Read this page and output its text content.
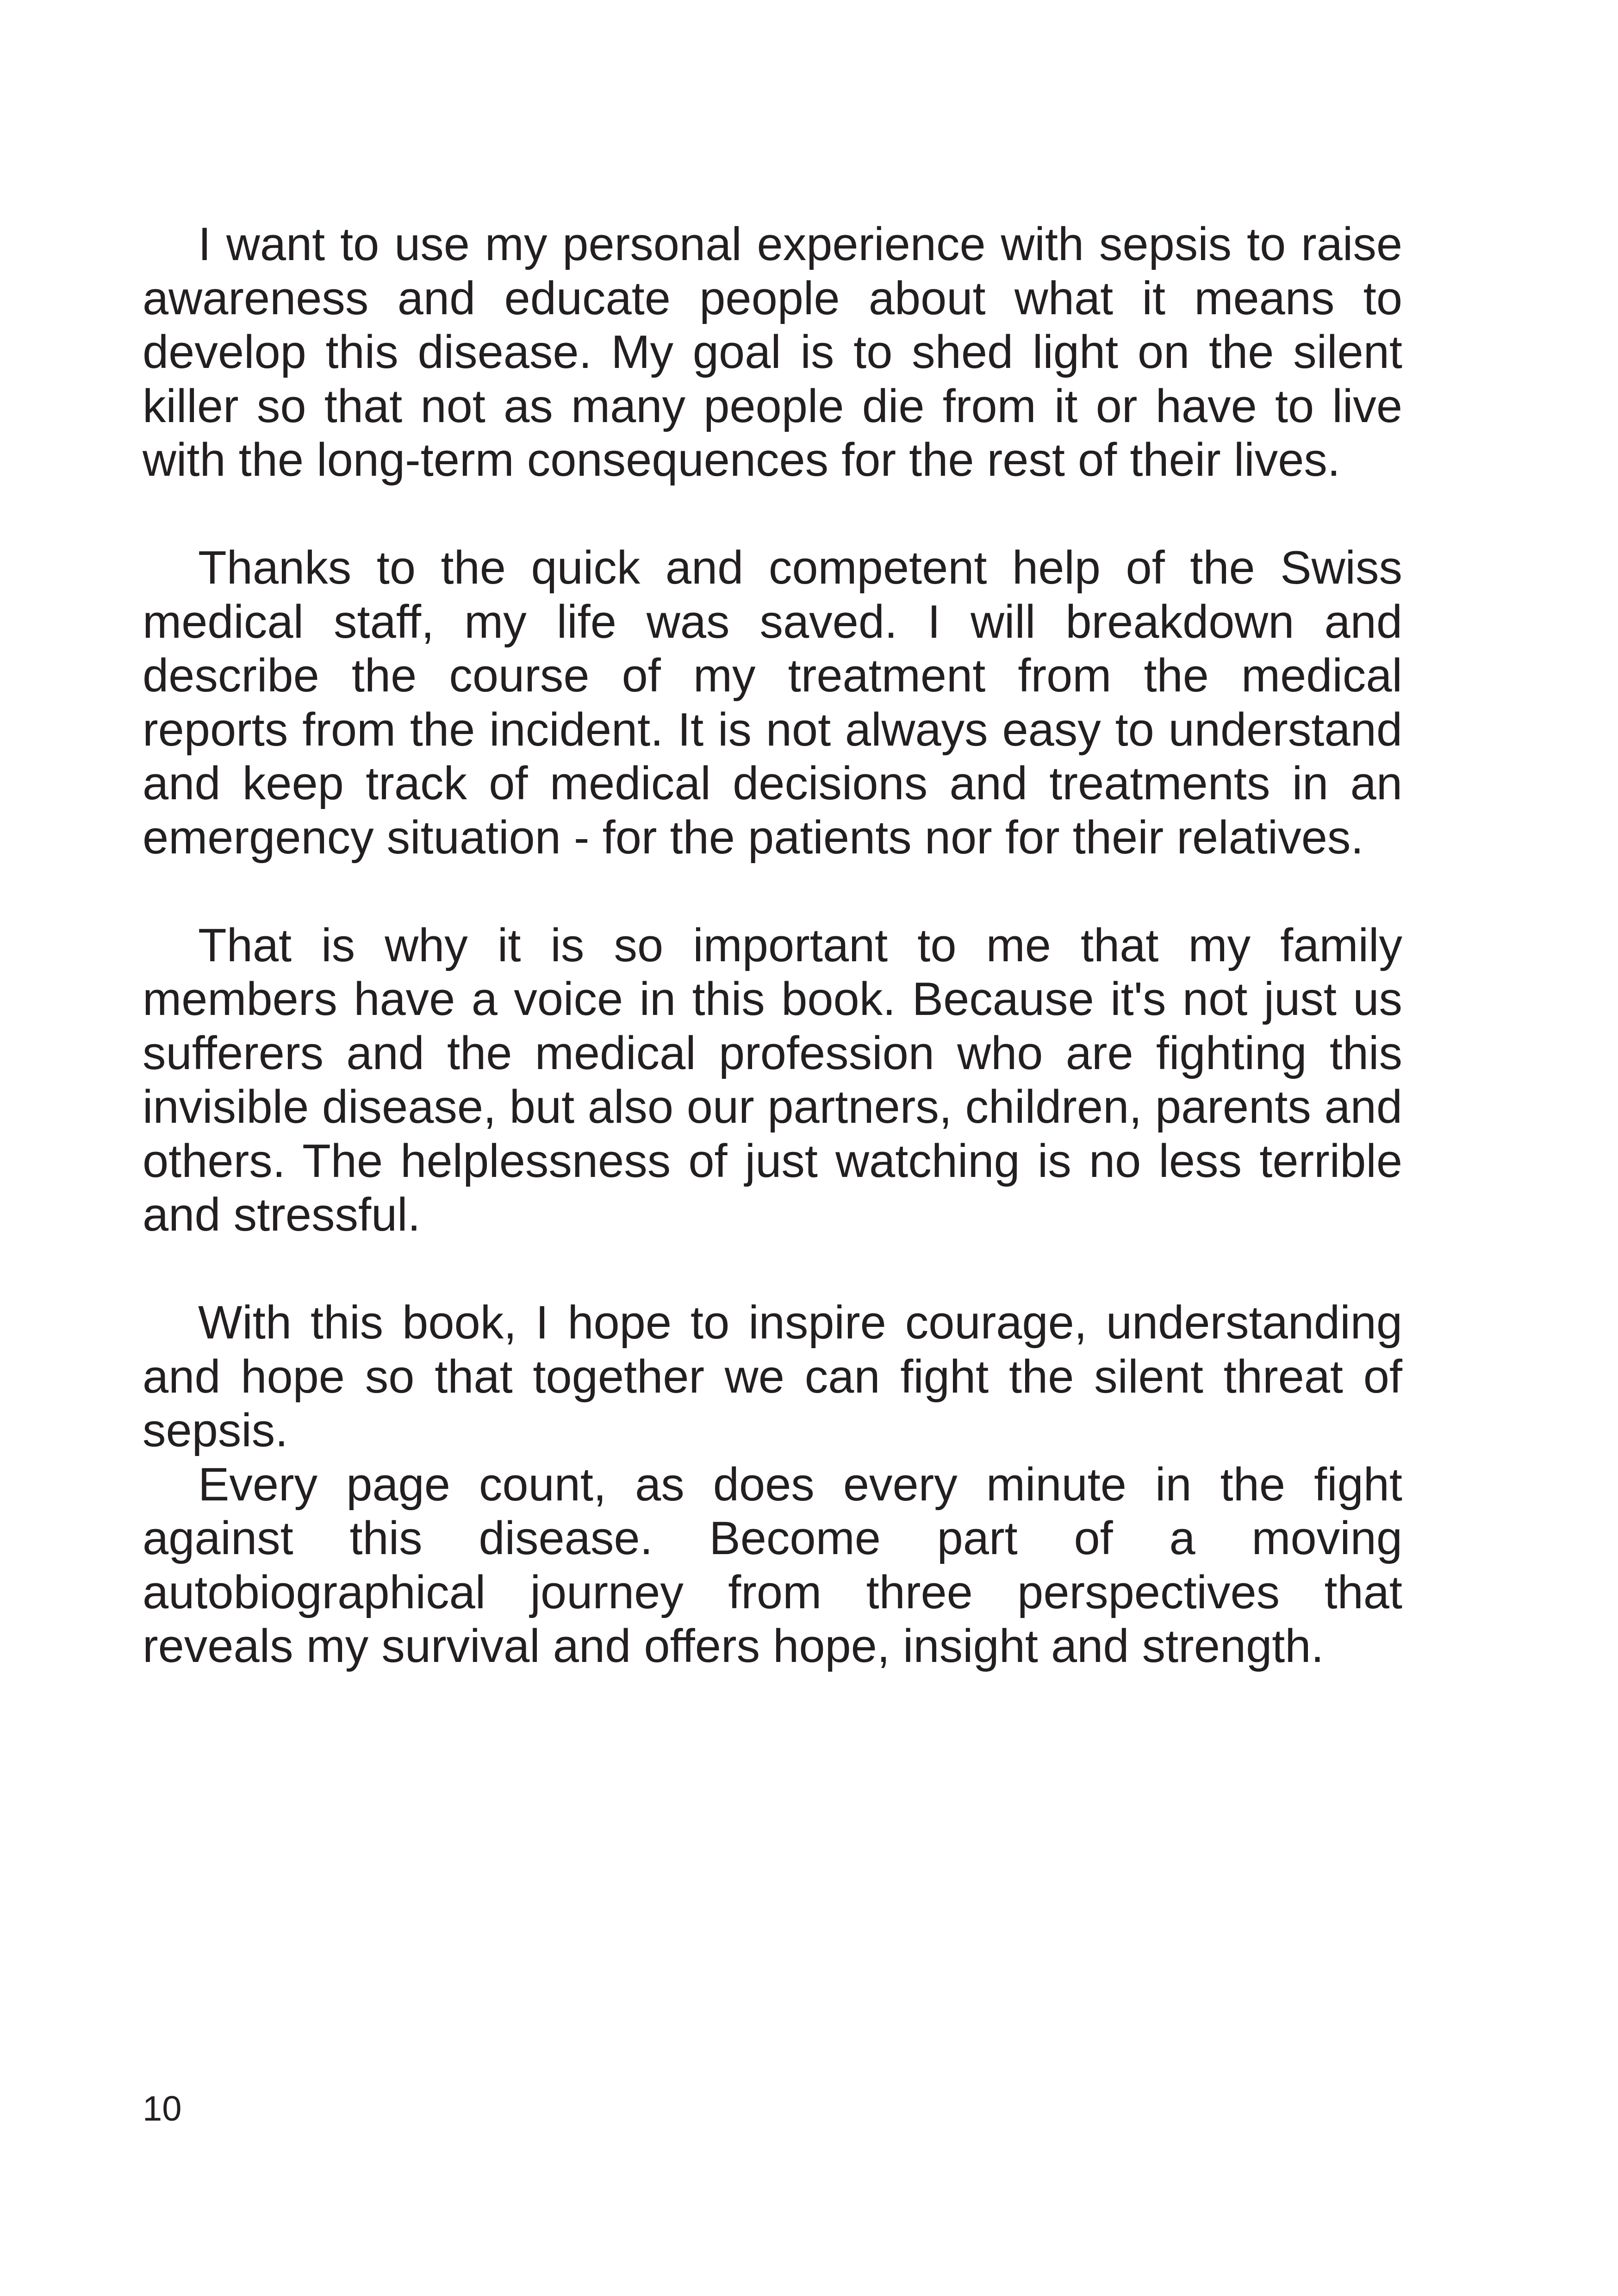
I want to use my personal experience with sepsis to raise awareness and educate people about what it means to develop this disease. My goal is to shed light on the silent killer so that not as many people die from it or have to live with the long-term consequences for the rest of their lives.

Thanks to the quick and competent help of the Swiss medical staff, my life was saved. I will breakdown and describe the course of my treatment from the medical reports from the incident. It is not always easy to understand and keep track of medical decisions and treatments in an emergency situation - for the patients nor for their relatives.

That is why it is so important to me that my family members have a voice in this book. Because it's not just us sufferers and the medical profession who are fighting this invisible disease, but also our partners, children, parents and others. The helplessness of just watching is no less terrible and stressful.

With this book, I hope to inspire courage, understanding and hope so that together we can fight the silent threat of sepsis.

Every page count, as does every minute in the fight against this disease. Become part of a moving autobiographical journey from three perspectives that reveals my survival and offers hope, insight and strength.

10
